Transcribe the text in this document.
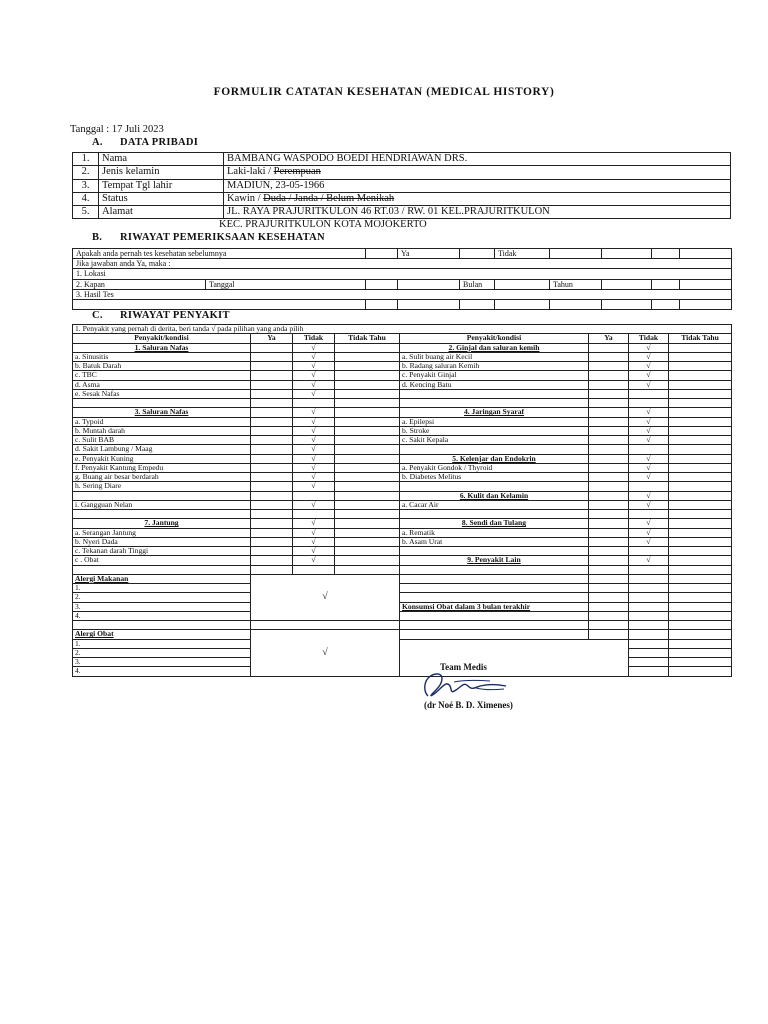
FORMULIR CATATAN KESEHATAN (MEDICAL HISTORY)
Tanggal : 17 Juli 2023
A. DATA PRIBADI
1.	Nama	BAMBANG WASPODO BOEDI HENDRIAWAN DRS.
2.	Jenis kelamin	Laki-laki / Perempuan
3.	Tempat Tgl lahir	MADIUN, 23-05-1966
4.	Status	Kawin / Duda / Janda / Belum Menikah
5.	Alamat	JL. RAYA PRAJURITKULON 46 RT.03 / RW. 01 KEL.PRAJURITKULON
KEC. PRAJURITKULON KOTA MOJOKERTO
B. RIWAYAT PEMERIKSAAN KESEHATAN
Apakah anda pernah tes kesehatan sebelumnya			Ya		Tidak				
Jika jawaban anda Ya, maka :									
1. Lokasi									
2. Kapan	Tanggal			Bulan		Tahun			
3. Hasil Tes									

C. RIWAYAT PENYAKIT
1. Penyakit yang pernah di derita, beri tanda √ pada pilihan yang anda pilih							
Penyakit/kondisi	Ya	Tidak	Tidak Tahu	Penyakit/kondisi	Ya	Tidak	Tidak Tahu
1. Saluran Nafas		√		2. Ginjal dan saluran kemih		√	
a. Sinusitis		√		a. Sulit buang air Kecil		√	
b. Batuk Darah		√		b. Radang saluran Kemih		√	
c. TBC		√		c. Penyakit Ginjal		√	
d. Asma		√		d. Kencing Batu		√	
e. Sesak Nafas		√					

3. Saluran Nafas		√		4. Jaringan Syaraf		√	
a. Typoid		√		a. Epilepsi		√	
b. Muntah darah		√		b. Stroke		√	
c. Sulit BAB		√		c. Sakit Kepala		√	
d. Sakit Lambung / Maag		√					
e. Penyakit Kuning		√		5. Kelenjar dan Endokrin		√	
f. Penyakit Kantung Empedu		√		a. Penyakit Gondok / Thyroid		√	
g. Buang air besar berdarah		√		b. Diabetes Melitus		√	
h. Sering Diare		√					
				6. Kulit dan Kelamin		√	
i. Gangguan Nelan		√		a. Cacar Air		√	

7. Jantung		√		8. Sendi dan Tulang		√	
a. Serangan Jantung		√		a. Rematik		√	
b. Nyeri Dada		√		b. Asam Urat		√	
c. Tekanan darah Tinggi		√					
c . Obat		√		9. Penyakit Lain		√	

Alergi Makanan	√						
1.							
2.							
3.				Konsumsi Obat dalam 3 bulan terakhir			
4.							

Alergi Obat	√						
1.							
2.							
3.							
4.								Team Medis
(dr Noé B. D. Ximenes)
